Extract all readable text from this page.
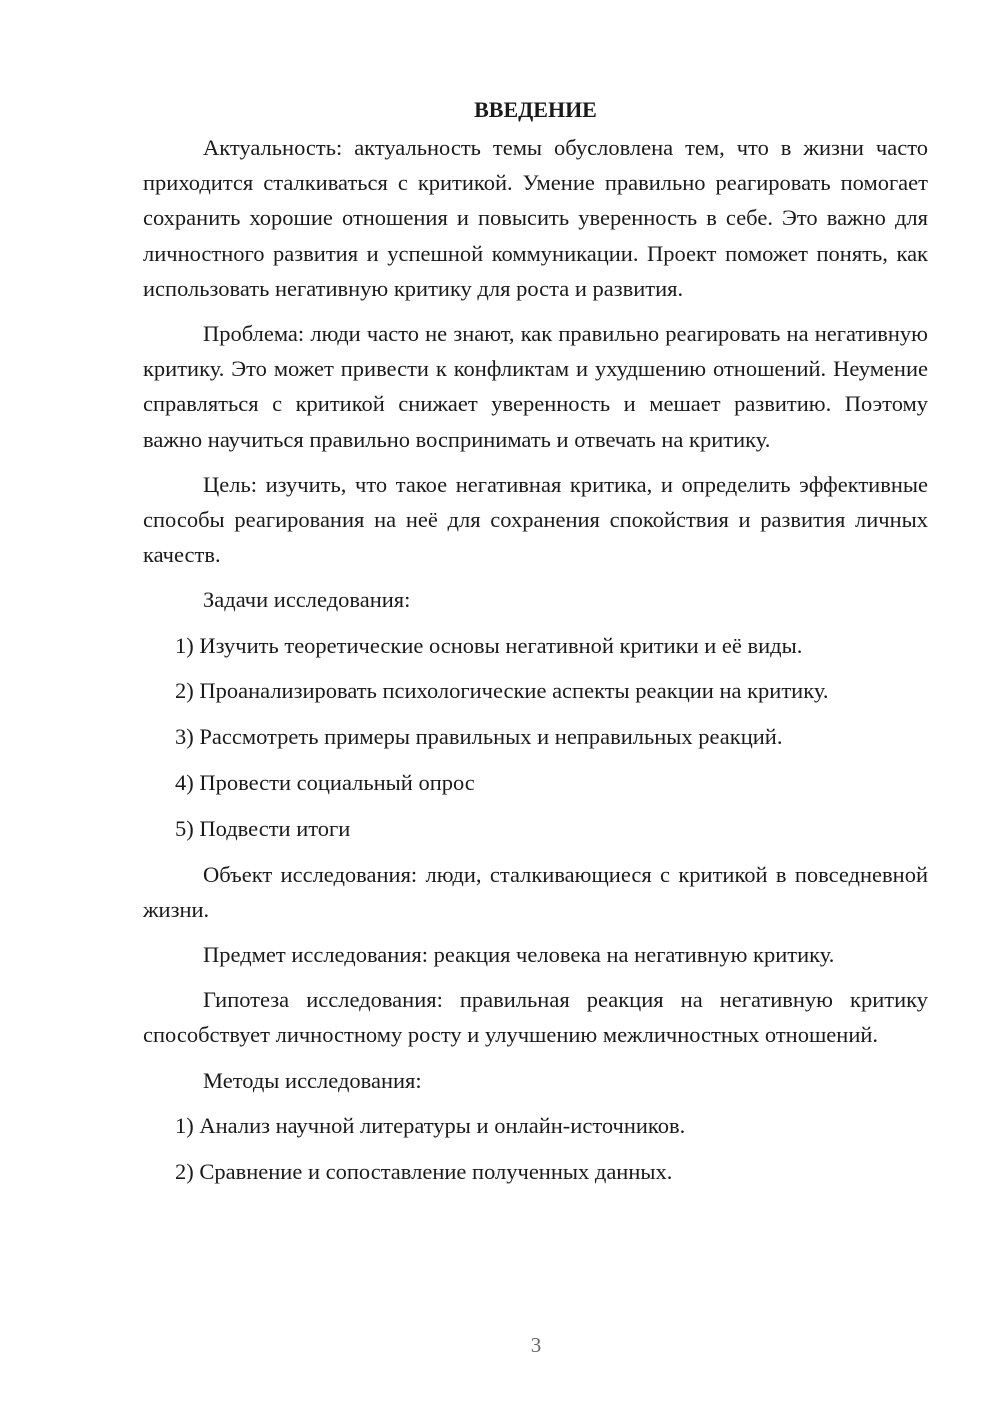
ВВЕДЕНИЕ

Актуальность: актуальность темы обусловлена тем, что в жизни часто приходится сталкиваться с критикой. Умение правильно реагировать помогает сохранить хорошие отношения и повысить уверенность в себе. Это важно для личностного развития и успешной коммуникации. Проект поможет понять, как использовать негативную критику для роста и развития.

Проблема: люди часто не знают, как правильно реагировать на негативную критику. Это может привести к конфликтам и ухудшению отношений. Неумение справляться с критикой снижает уверенность и мешает развитию. Поэтому важно научиться правильно воспринимать и отвечать на критику.

Цель: изучить, что такое негативная критика, и определить эффективные способы реагирования на неё для сохранения спокойствия и развития личных качеств.

Задачи исследования:

1) Изучить теоретические основы негативной критики и её виды.
2) Проанализировать психологические аспекты реакции на критику.
3) Рассмотреть примеры правильных и неправильных реакций.
4) Провести социальный опрос
5) Подвести итоги

Объект исследования: люди, сталкивающиеся с критикой в повседневной жизни.

Предмет исследования: реакция человека на негативную критику.

Гипотеза исследования: правильная реакция на негативную критику способствует личностному росту и улучшению межличностных отношений.

Методы исследования:

1) Анализ научной литературы и онлайн-источников.
2) Сравнение и сопоставление полученных данных.
3
